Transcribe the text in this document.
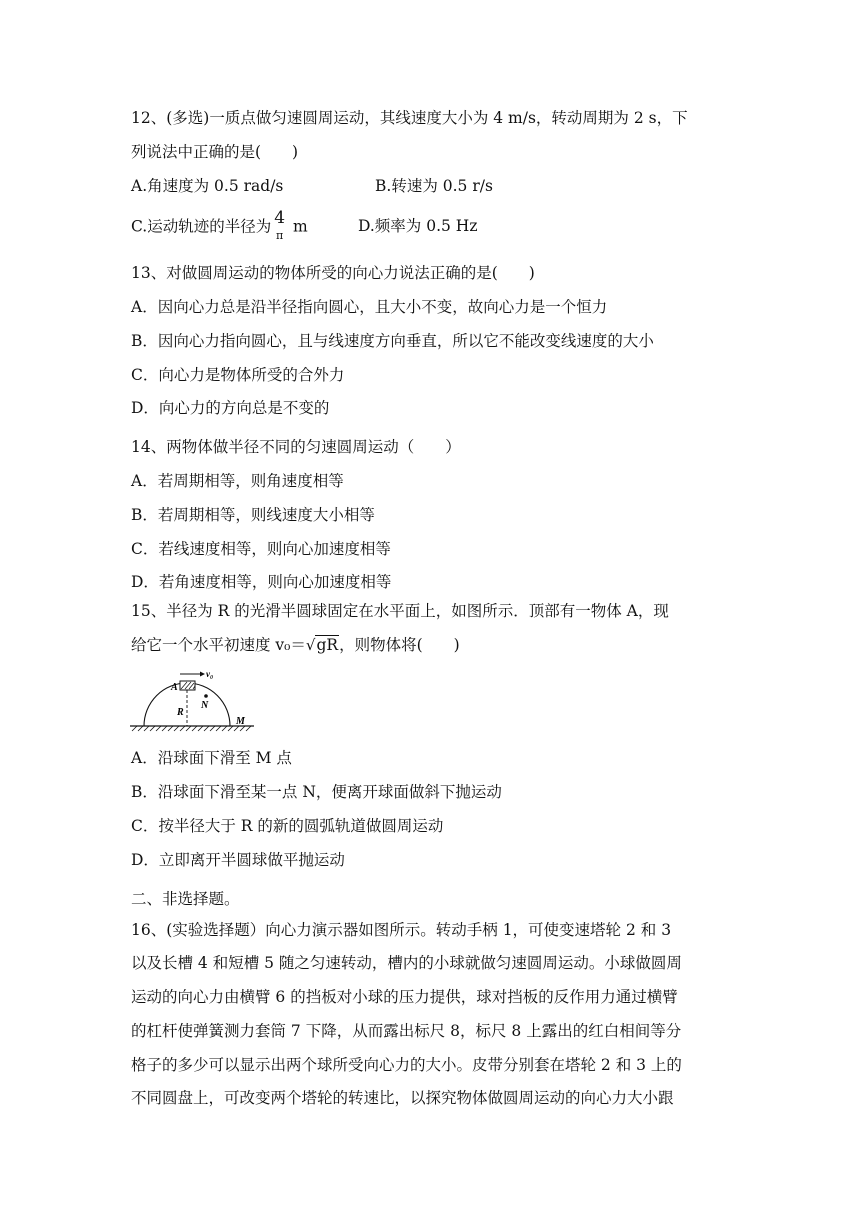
12、(多选)一质点做匀速圆周运动，其线速度大小为 4 m/s，转动周期为 2 s，下
列说法中正确的是(　　)
A.角速度为 0.5 rad/s	B.转速为 0.5 r/s
C.运动轨迹的半径为 4
π m	D.频率为 0.5 Hz
13、对做圆周运动的物体所受的向心力说法正确的是(　　)
A．因向心力总是沿半径指向圆心，且大小不变，故向心力是一个恒力
B．因向心力指向圆心，且与线速度方向垂直，所以它不能改变线速度的大小
C．向心力是物体所受的合外力
D．向心力的方向总是不变的
14、两物体做半径不同的匀速圆周运动（　　）
A．若周期相等，则角速度相等
B．若周期相等，则线速度大小相等
C．若线速度相等，则向心加速度相等
D．若角速度相等，则向心加速度相等
15、半径为 R 的光滑半圆球固定在水平面上，如图所示．顶部有一物体 A，现
给它一个水平初速度 v₀＝√gR，则物体将(　　)
A
v₀
N
R
M
A．沿球面下滑至 M 点
B．沿球面下滑至某一点 N，便离开球面做斜下抛运动
C．按半径大于 R 的新的圆弧轨道做圆周运动
D．立即离开半圆球做平抛运动
二、非选择题。
16、(实验选择题）向心力演示器如图所示。转动手柄 1，可使变速塔轮 2 和 3
以及长槽 4 和短槽 5 随之匀速转动，槽内的小球就做匀速圆周运动。小球做圆周
运动的向心力由横臂 6 的挡板对小球的压力提供，球对挡板的反作用力通过横臂
的杠杆使弹簧测力套筒 7 下降，从而露出标尺 8，标尺 8 上露出的红白相间等分
格子的多少可以显示出两个球所受向心力的大小。皮带分别套在塔轮 2 和 3 上的
不同圆盘上，可改变两个塔轮的转速比，以探究物体做圆周运动的向心力大小跟
